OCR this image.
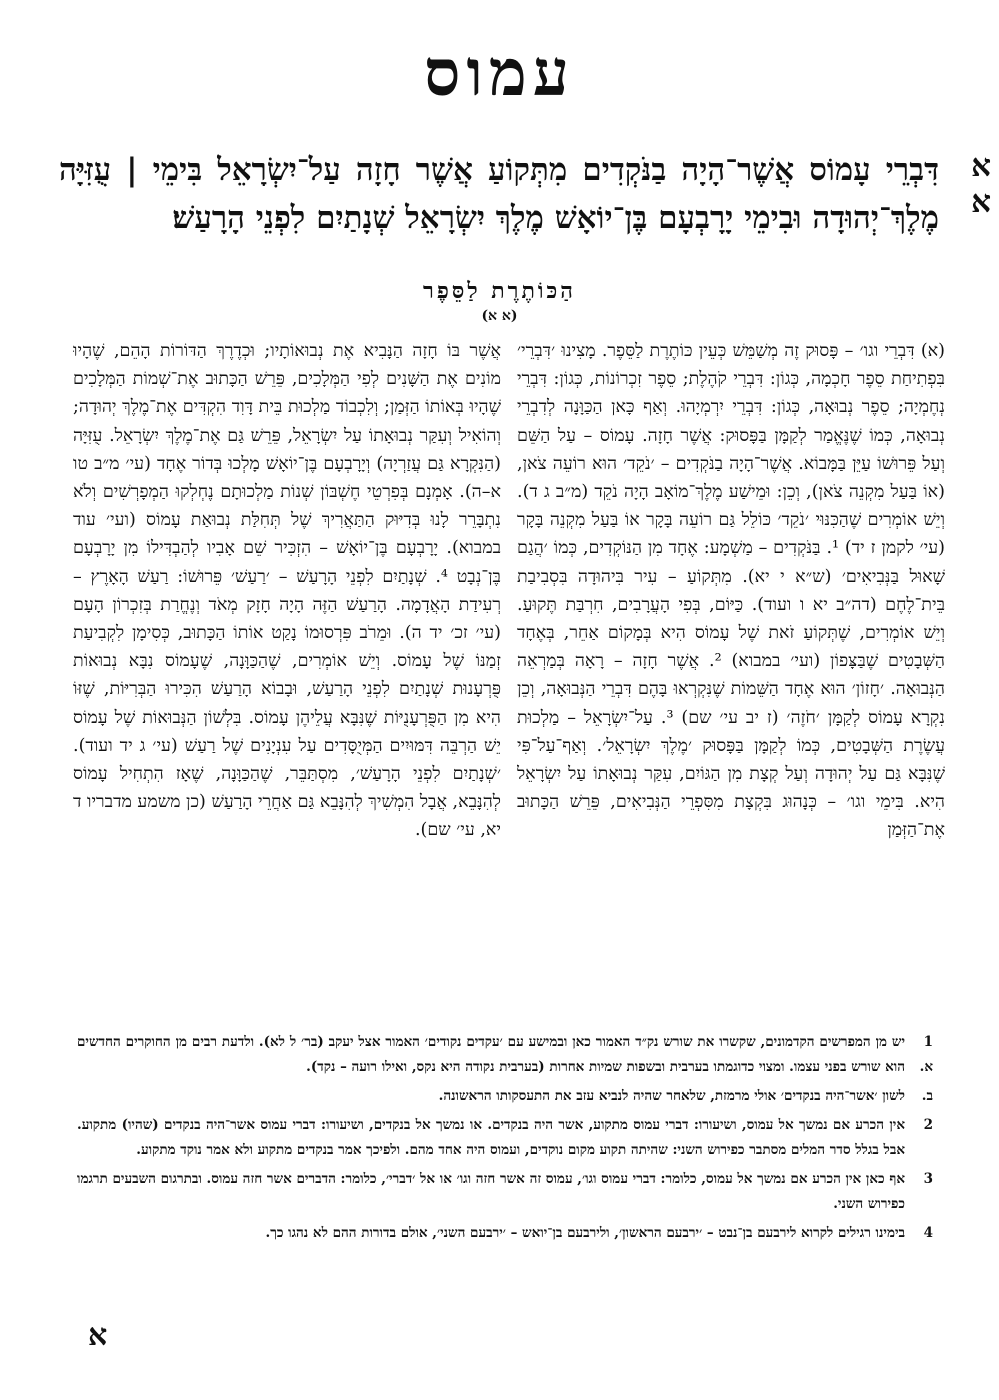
עמוס
א א
דִּבְרֵי עָמוֹס אֲשֶׁר־הָיָה בַנֹּקְדִים מִתְּקוֹעַ אֲשֶׁר חָזָה עַל־יִשְׂרָאֵל בִּימֵי | עֻזִּיָּה מֶלֶךְ־יְהוּדָה וּבִימֵי יָרָבְעָם בֶּן־יוֹאָשׁ מֶלֶךְ יִשְׂרָאֵל שְׁנָתַיִם לִפְנֵי הָרָעַשׁ׃
הַכּוֹתֶרֶת לַסֵּפֶר
(א א)

(א) דִּבְרֵי וגו׳ – פָּסוּק זֶה מְשַׁמֵּשׁ כְּעֵין כּוֹתֶרֶת לַסֵּפֶר. מָצִינוּ ׳דִּבְרֵי׳ בִּפְתִיחַת סֵפֶר חָכְמָה, כְּגוֹן: דִּבְרֵי קֹהֶלֶת; סֵפֶר זִכְרוֹנוֹת, כְּגוֹן: דִּבְרֵי נְחֶמְיָה; סֵפֶר נְבוּאָה, כְּגוֹן: דִּבְרֵי יִרְמְיָהוּ. וְאַף כָּאן הַכַּוָּנָה לְדִבְרֵי נְבוּאָה, כְּמוֹ שֶׁנֶּאֱמַר לְקַמָּן בַּפָּסוּק: אֲשֶׁר חָזָה. עָמוֹס – עַל הַשֵּׁם וְעַל פֵּרוּשׁוֹ עַיֵּן בַּמָּבוֹא. אֲשֶׁר־הָיָה בַנֹּקְדִים – ׳נֹקֵד׳ הוּא רוֹעֵה צֹאן, (אוֹ בַּעַל מִקְנֵה צֹאן), וְכֵן: וּמֵישַׁע מֶלֶךְ־מוֹאָב הָיָה נֹקֵד (מ״ב ג ד). וְיֵשׁ אוֹמְרִים שֶׁהַכִּנּוּי ׳נֹקֵד׳ כּוֹלֵל גַּם רוֹעֵה בָּקָר אוֹ בַּעַל מִקְנֵה בָּקָר (עי׳ לקמן ז יד) ¹. בַּנֹּקְדִים – מַשְׁמָע: אֶחָד מִן הַנּוֹקְדִים, כְּמוֹ ׳הֲגַם שָׁאוּל בַּנְּבִיאִים׳ (ש״א י יא). מִתְּקוֹעַ – עִיר בִּיהוּדָה בִּסְבִיבַת בֵּית־לֶחֶם (דה״ב יא ו ועוד). כַּיּוֹם, בְּפִי הָעֲרָבִים, חִרְבַּת תֶּקוּעַ. וְיֵשׁ אוֹמְרִים, שֶׁתְּקוֹעַ זֹאת שֶׁל עָמוֹס הִיא בְּמָקוֹם אַחֵר, בְּאֶחָד הַשְּׁבָטִים שֶׁבַּצָּפוֹן (ועי׳ במבוא) ². אֲשֶׁר חָזָה – רָאָה בְּמַרְאֵה הַנְּבוּאָה. ׳חָזוֹן׳ הוּא אֶחָד הַשֵּׁמוֹת שֶׁנִּקְרְאוּ בָּהֶם דִּבְרֵי הַנְּבוּאָה, וְכֵן נִקְרָא עָמוֹס לְקַמָּן ׳חֹזֶה׳ (ז יב עי׳ שם) ³. עַל־יִשְׂרָאֵל – מַלְכוּת עֲשֶׂרֶת הַשְּׁבָטִים, כְּמוֹ לְקַמָּן בַּפָּסוּק ׳מֶלֶךְ יִשְׂרָאֵל׳. וְאַף־עַל־פִּי שֶׁנִּבָּא גַּם עַל יְהוּדָה וְעַל קְצָת מִן הַגּוֹיִם, עִקַּר נְבוּאָתוֹ עַל יִשְׂרָאֵל הִיא. בִּימֵי וגו׳ – כְּנָהוּג בִּקְצָת מִסִּפְרֵי הַנְּבִיאִים, פֵּרֵשׁ הַכָּתוּב אֶת־הַזְּמַן

אֲשֶׁר בּוֹ חָזָה הַנָּבִיא אֶת נְבוּאוֹתָיו; וּכְדֶרֶךְ הַדּוֹרוֹת הָהֵם, שֶׁהָיוּ מוֹנִים אֶת הַשָּׁנִים לְפִי הַמְּלָכִים, פֵּרֵשׁ הַכָּתוּב אֶת־שְׁמוֹת הַמְּלָכִים שֶׁהָיוּ בְּאוֹתוֹ הַזְּמַן; וְלִכְבוֹד מַלְכוּת בֵּית דָּוִד הִקְדִּים אֶת־מֶלֶךְ יְהוּדָה; וְהוֹאִיל וְעִקַּר נְבוּאָתוֹ עַל יִשְׂרָאֵל, פֵּרֵשׁ גַּם אֶת־מֶלֶךְ יִשְׂרָאֵל. עֻזִּיָּה (הַנִּקְרָא גַּם עֲזַרְיָה) וְיָרָבְעָם בֶּן־יוֹאָשׁ מָלְכוּ בְּדוֹר אֶחָד (עי׳ מ״ב טו א–ה). אָמְנָם בְּפִרְטֵי חֶשְׁבּוֹן שְׁנוֹת מַלְכוּתָם נֶחְלְקוּ הַמְפָרְשִׁים וְלֹא נִתְבָּרֵר לָנוּ בְּדִיּוּק הַתַּאֲרִיךְ שֶׁל תְּחִלַּת נְבוּאַת עָמוֹס (ועי׳ עוד במבוא). יָרָבְעָם בֶּן־יוֹאָשׁ – הִזְכִּיר שֵׁם אָבִיו לְהַבְדִּילוֹ מִן יָרָבְעָם בֶּן־נְבָט ⁴. שְׁנָתַיִם לִפְנֵי הָרָעַשׁ – ׳רַעַשׁ׳ פֵּרוּשׁוֹ: רַעַשׁ הָאָרֶץ – רְעִידַת הָאֲדָמָה. הָרַעַשׁ הַזֶּה הָיָה חָזָק מְאֹד וְנֶחֱרַת בְּזִכְרוֹן הָעָם (עי׳ זכ׳ יד ה). וּמֵרֹב פִּרְסוּמוֹ נָקַט אוֹתוֹ הַכָּתוּב, כְּסִימָן לִקְבִיעַת זְמַנּוֹ שֶׁל עָמוֹס. וְיֵשׁ אוֹמְרִים, שֶׁהַכַּוָּנָה, שֶׁעָמוֹס נִבָּא נְבוּאוֹת פֻּרְעָנוּת שְׁנָתַיִם לִפְנֵי הָרַעַשׁ, וּבָבוֹא הָרַעַשׁ הִכִּירוּ הַבְּרִיּוֹת, שֶׁזּוֹ הִיא מִן הַפֻּרְעָנֻיּוֹת שֶׁנִּבָּא עֲלֵיהֶן עָמוֹס. בִּלְשׁוֹן הַנְּבוּאוֹת שֶׁל עָמוֹס יֵשׁ הַרְבֵּה דִּמּוּיִים הַמְּיֻסָּדִים עַל עִנְיָנִים שֶׁל רַעַשׁ (עי׳ ג יד ועוד). ׳שְׁנָתַיִם לִפְנֵי הָרָעַשׁ׳, מִסְתַּבֵּר, שֶׁהַכַּוָּנָה, שֶׁאָז הִתְחִיל עָמוֹס לְהִנָּבֵא, אֲבָל הִמְשִׁיךְ לְהִנָּבֵא גַּם אַחֲרֵי הָרַעַשׁ (כן משמע מדבריו ד יא, עי׳ שם).

1 א.
יש מן המפרשים הקדמונים, שקשרו את שורש נק״ד האמור כאן ובמישע עם ׳עקדים נקודים׳ האמור אצל יעקב (בר׳ ל לא). ולדעת רבים מן החוקרים החדשים הוא שורש בפני עצמו. ומצוי כדוגמתו בערבית ובשפות שמיות אחרות (בערבית נקודה היא נקס, ואילו רועה – נקד).
ב.
לשון ׳אשר־היה בנקדים׳ אולי מרמזת, שלאחר שהיה לנביא עזב את התעסקותו הראשונה.
2
אין הכרע אם נמשך אל עמוס, ושיעורו: דברי עמוס מתקוע, אשר היה בנקדים. או נמשך אל בנקדים, ושיעורו: דברי עמוס אשר־היה בנקדים (שהיו) מתקוע. אבל בגלל סדר המלים מסתבר כפירוש השני: שהיתה תקוע מקום נוקדים, ועמוס היה אחד מהם. ולפיכך אמר בנקדים מתקוע ולא אמר נוקד מתקוע.
3
אף כאן אין הכרע אם נמשך אל עמוס, כלומר: דברי עמוס וגו׳, עמוס זה אשר חזה וגו׳ או אל ׳דברי׳, כלומר: הדברים אשר חזה עמוס. ובתרגום השבעים תרגמו כפירוש השני.
4
בימינו רגילים לקרוא לירבעם בן־נבט – ׳ירבעם הראשון׳, ולירבעם בן־יואש – ׳ירבעם השני׳, אולם בדורות ההם לא נהגו כך.
א
